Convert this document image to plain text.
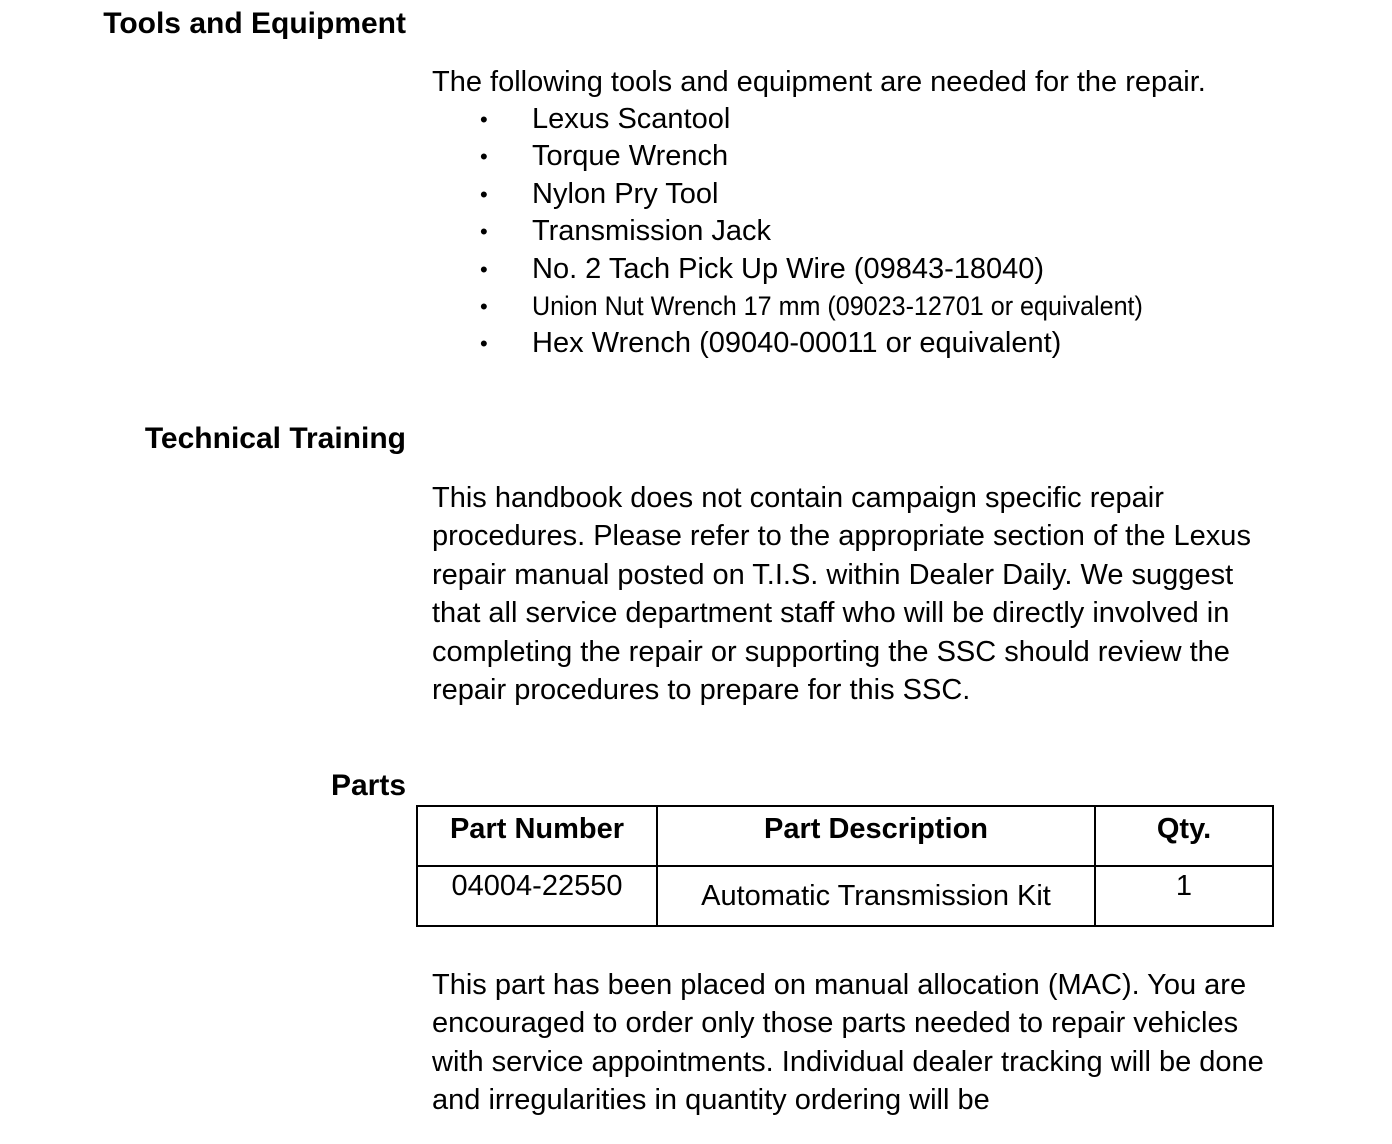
Tools and Equipment

The following tools and equipment are needed for the repair.

• Lexus Scantool
• Torque Wrench
• Nylon Pry Tool
• Transmission Jack
• No. 2 Tach Pick Up Wire (09843-18040)
• Union Nut Wrench 17 mm (09023-12701 or equivalent)
• Hex Wrench (09040-00011 or equivalent)
Technical Training

This handbook does not contain campaign specific repair procedures. Please refer to the appropriate section of the Lexus repair manual posted on T.I.S. within Dealer Daily. We suggest that all service department staff who will be directly involved in completing the repair or supporting the SSC should review the repair procedures to prepare for this SSC.

Parts
Part Number	Part Description	Qty.
04004-22550	Automatic Transmission Kit	1

This part has been placed on manual allocation (MAC). You are encouraged to order only those parts needed to repair vehicles with service appointments. Individual dealer tracking will be done and irregularities in quantity ordering will be
